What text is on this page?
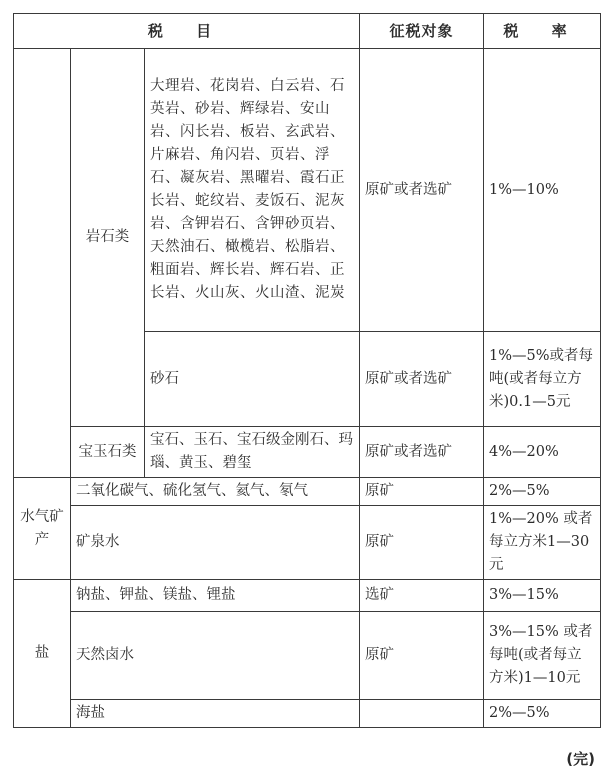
税 目			征税对象	税 率
	岩石类	大理岩、花岗岩、白云岩、石英岩、砂岩、辉绿岩、安山岩、闪长岩、板岩、玄武岩、片麻岩、角闪岩、页岩、浮石、凝灰岩、黑曜岩、霞石正长岩、蛇纹岩、麦饭石、泥灰岩、含钾岩石、含钾砂页岩、天然油石、橄榄岩、松脂岩、粗面岩、辉长岩、辉石岩、正长岩、火山灰、火山渣、泥炭	原矿或者选矿	1%—10%
		砂石	原矿或者选矿	1%—5%或者每吨(或者每立方米)0.1—5元
	宝玉石类	宝石、玉石、宝石级金刚石、玛瑙、黄玉、碧玺	原矿或者选矿	4%—20%
水气矿产	二氧化碳气、硫化氢气、氦气、氡气		原矿	2%—5%
	矿泉水		原矿	1%—20% 或者每立方米1—30元
盐	钠盐、钾盐、镁盐、锂盐		选矿	3%—15%
	天然卤水		原矿	3%—15% 或者每吨(或者每立方米)1—10元
	海盐			2%—5%
(完)
